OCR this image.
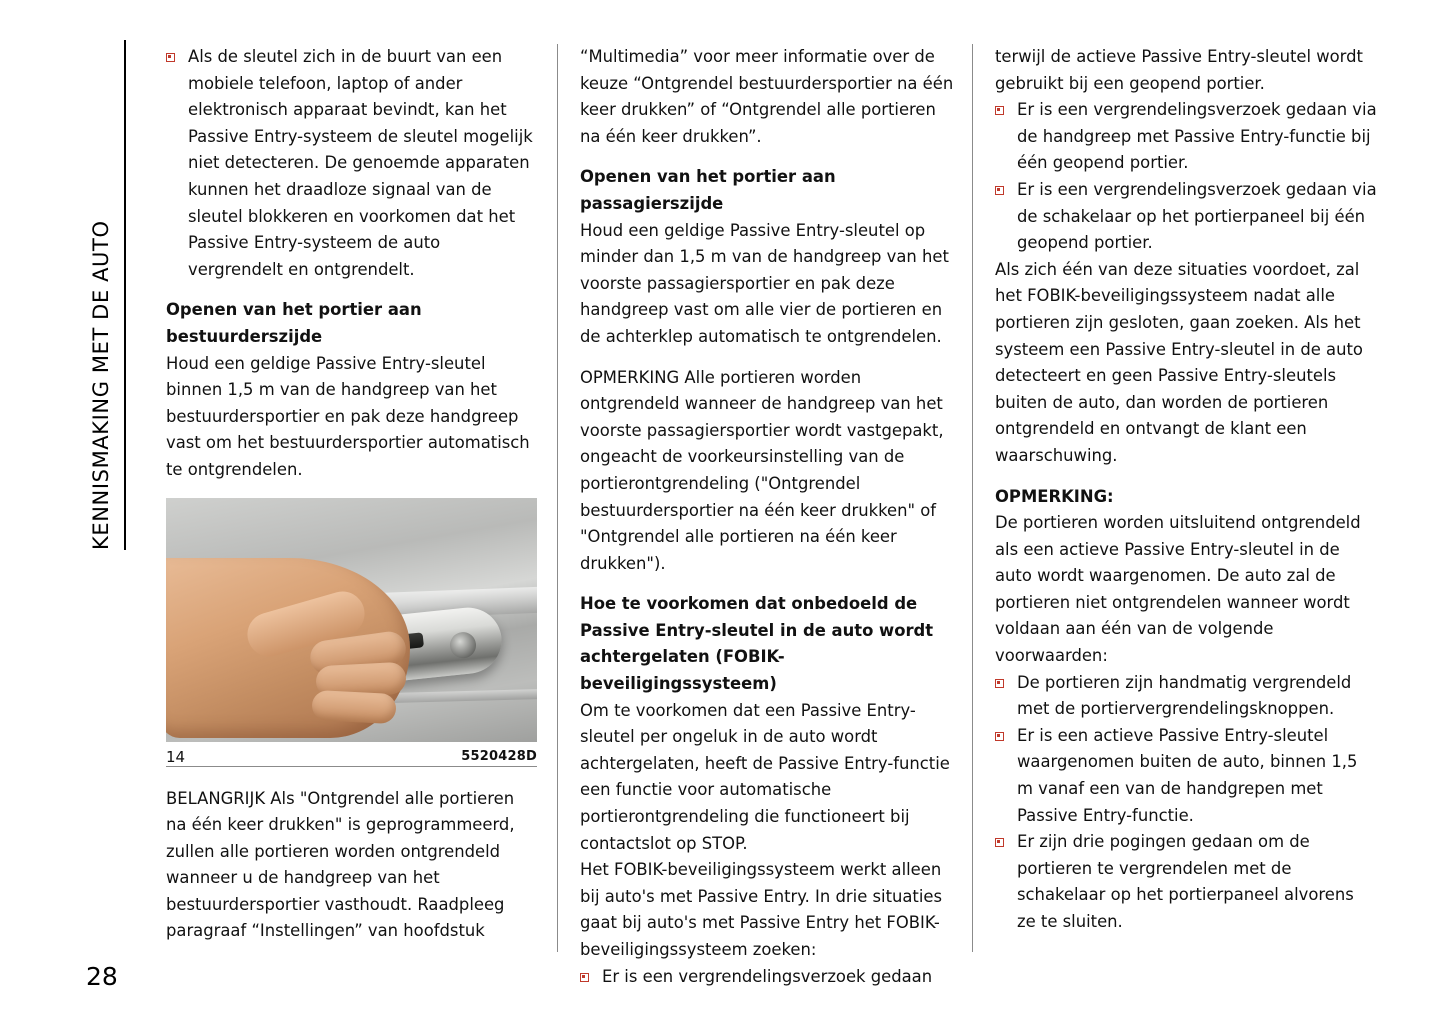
KENNISMAKING MET DE AUTO

Als de sleutel zich in de buurt van een mobiele telefoon, laptop of ander elektronisch apparaat bevindt, kan het Passive Entry-systeem de sleutel mogelijk niet detecteren. De genoemde apparaten kunnen het draadloze signaal van de sleutel blokkeren en voorkomen dat het Passive Entry-systeem de auto vergrendelt en ontgrendelt.

Openen van het portier aan bestuurderszijde

Houd een geldige Passive Entry-sleutel binnen 1,5 m van de handgreep van het bestuurdersportier en pak deze handgreep vast om het bestuurdersportier automatisch te ontgrendelen.

14	5520428D

BELANGRIJK Als "Ontgrendel alle portieren na één keer drukken" is geprogrammeerd, zullen alle portieren worden ontgrendeld wanneer u de handgreep van het bestuurdersportier vasthoudt. Raadpleeg paragraaf “Instellingen” van hoofdstuk

“Multimedia” voor meer informatie over de keuze “Ontgrendel bestuurdersportier na één keer drukken” of “Ontgrendel alle portieren na één keer drukken”.

Openen van het portier aan passagierszijde

Houd een geldige Passive Entry-sleutel op minder dan 1,5 m van de handgreep van het voorste passagiersportier en pak deze handgreep vast om alle vier de portieren en de achterklep automatisch te ontgrendelen.

OPMERKING Alle portieren worden ontgrendeld wanneer de handgreep van het voorste passagiersportier wordt vastgepakt, ongeacht de voorkeursinstelling van de portierontgrendeling ("Ontgrendel bestuurdersportier na één keer drukken" of "Ontgrendel alle portieren na één keer drukken").

Hoe te voorkomen dat onbedoeld de Passive Entry-sleutel in de auto wordt achtergelaten (FOBIK-beveiligingssysteem)

Om te voorkomen dat een Passive Entry-sleutel per ongeluk in de auto wordt achtergelaten, heeft de Passive Entry-functie een functie voor automatische portierontgrendeling die functioneert bij contactslot op STOP.

Het FOBIK-beveiligingssysteem werkt alleen bij auto's met Passive Entry. In drie situaties gaat bij auto's met Passive Entry het FOBIK-beveiligingssysteem zoeken:

Er is een vergrendelingsverzoek gedaan

terwijl de actieve Passive Entry-sleutel wordt gebruikt bij een geopend portier.

Er is een vergrendelingsverzoek gedaan via de handgreep met Passive Entry-functie bij één geopend portier.

Er is een vergrendelingsverzoek gedaan via de schakelaar op het portierpaneel bij één geopend portier.

Als zich één van deze situaties voordoet, zal het FOBIK-beveiligingssysteem nadat alle portieren zijn gesloten, gaan zoeken. Als het systeem een Passive Entry-sleutel in de auto detecteert en geen Passive Entry-sleutels buiten de auto, dan worden de portieren ontgrendeld en ontvangt de klant een waarschuwing.

OPMERKING:

De portieren worden uitsluitend ontgrendeld als een actieve Passive Entry-sleutel in de auto wordt waargenomen. De auto zal de portieren niet ontgrendelen wanneer wordt voldaan aan één van de volgende voorwaarden:

De portieren zijn handmatig vergrendeld met de portiervergrendelingsknoppen.

Er is een actieve Passive Entry-sleutel waargenomen buiten de auto, binnen 1,5 m vanaf een van de handgrepen met Passive Entry-functie.

Er zijn drie pogingen gedaan om de portieren te vergrendelen met de schakelaar op het portierpaneel alvorens ze te sluiten.

28
